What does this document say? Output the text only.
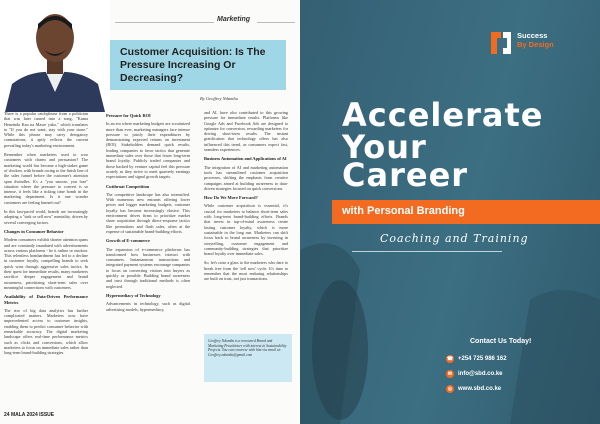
Marketing
Customer Acquisition: Is The Pressure Increasing Or Decreasing?
By Geoffrey Ndambu

There is a popular catchphrase from a politician that was later turned into a song, "Kuma Henzinda Kau na Mawe yako," which translates to "If you do not want, stay with your stone." While this phrase may carry derogatory connotations, it aptly reflects the current prevailing today's marketing environment.

Remember when marketers used to woo customers with charm and persuasion? The marketing world has become a high-stakes game of chicken, with brands racing to the finish line of the sales funnel before the customer's attention span dwindles. It's a "you snooze, you lose" situation where the pressure to convert is so intense, it feels like a ticking time bomb in the marketing department. Is it one wonder customers are feeling burned out?

In this fast-paced world, brands are increasingly adopting a "sink or sell now" mentality, driven by several converging factors.

Changes in Consumer Behavior

Modern consumers exhibit shorter attention spans and are constantly inundated with advertisements across various platforms - be it online or outdoor. This relentless bombardment has led to a decline in customer loyalty, compelling brands to seek quick wins through aggressive sales tactics. In their quest for immediate results, many marketers sacrifice deeper engagement and brand awareness, prioritizing short-term sales over meaningful connections with customers.

Availability of Data-Driven Performance Metrics

The rise of big data analytics has further complicated matters. Marketers now have unprecedented access to customer insights, enabling them to predict consumer behavior with remarkable accuracy. The digital marketing landscape offers real-time performance metrics such as clicks and conversions, which allow marketers to focus on immediate sales rather than long-term brand-building strategies.

Pressure for Quick ROI

In an era where marketing budgets are scrutinized more than ever, marketing managers face intense pressure to justify their expenditures by demonstrating expected returns on investment (ROI). Stakeholders demand quick results, leading companies to favor tactics that generate immediate sales over those that foster long-term brand loyalty. Publicly traded companies and those backed by venture capital feel this pressure acutely as they strive to meet quarterly earnings expectations and signal growth targets.

Cutthroat Competition

The competitive landscape has also intensified. With numerous new entrants offering lower prices and bigger marketing budgets, customer loyalty has become increasingly elusive. This environment drives firms to prioritize market share acquisition through direct-response tactics like promotions and flash sales, often at the expense of sustainable brand-building efforts.

Growth of E-commerce

The expansion of e-commerce platforms has transformed how businesses interact with consumers. Instantaneous transactions and integrated payment systems encourage companies to focus on converting visitors into buyers as quickly as possible. Building brand awareness and trust through traditional methods is often neglected.

Hypermediacy of Technology

Advancements in technology, such as digital advertising models, hypermediacy,

and AI, have also contributed to this growing pressure for immediate results. Platforms like Google Ads and Facebook Ads are designed to optimize for conversion, rewarding marketers for driving short-term results. The instant gratification that technology offers has also influenced this trend, as consumers expect fast, seamless experiences.

Business Automation and Applications of AI

The integration of AI and marketing automation tools has streamlined customer acquisition processes, shifting the emphasis from creative campaigns aimed at building awareness to data-driven strategies focused on quick conversions.

How Do We Move Forward?

While customer acquisition is essential, it's crucial for marketers to balance short-term sales with long-term brand-building efforts. Brands that invest in top-of-mind awareness create lasting customer loyalty, which is more sustainable in the long run. Marketers can shift focus back to brand awareness by investing in storytelling, customer engagement and community-building strategies that prioritize brand loyalty over immediate sales.

So, let's raise a glass to the marketers who dare to break free from the 'sell now' cycle. It's time to remember that the most enduring relationships are built on trust, not just transactions.

Geoffrey Ndambu is a renowned Brand and Marketing Practitioner with interest in Sustainability Projects. You can converse with him via email at: Geoffrey.ndambu@gmail.com
24 MALA 2024 ISSUE
Success
By Design
Accelerate
Your
Career
with Personal Branding
Coaching and Training
Contact Us Today!
☎ +254 725 986 162
✉ info@sbd.co.ke
◎ www.sbd.co.ke
